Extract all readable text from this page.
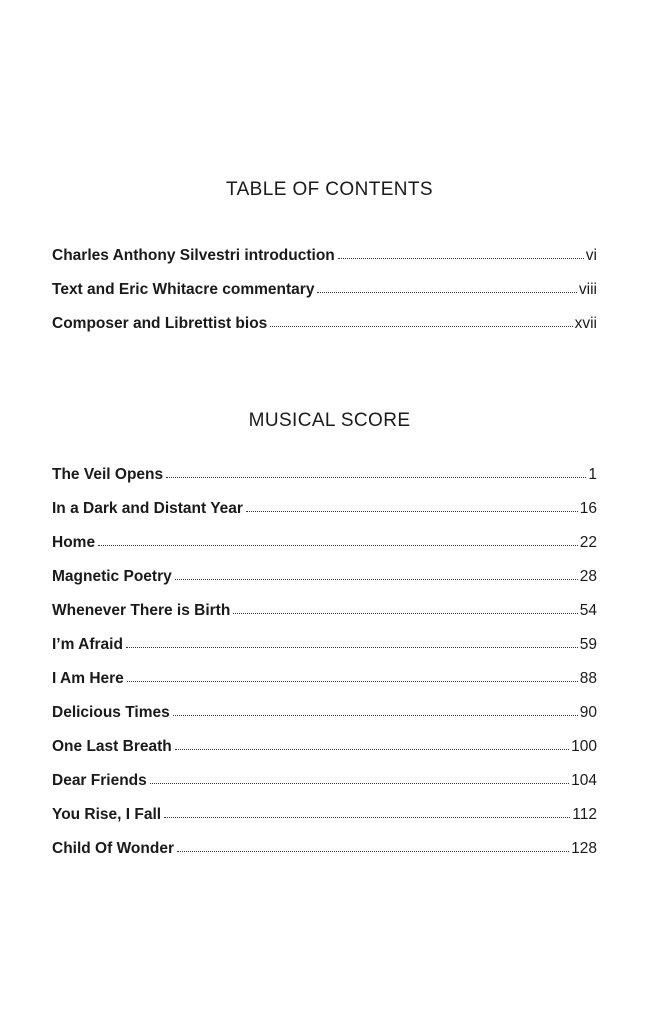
TABLE OF CONTENTS
Charles Anthony Silvestri introduction	vi
Text and Eric Whitacre commentary	viii
Composer and Librettist bios	xvii
MUSICAL SCORE
The Veil Opens	1
In a Dark and Distant Year	16
Home	22
Magnetic Poetry	28
Whenever There is Birth	54
I’m Afraid	59
I Am Here	88
Delicious Times	90
One Last Breath	100
Dear Friends	104
You Rise, I Fall	112
Child Of Wonder	128
